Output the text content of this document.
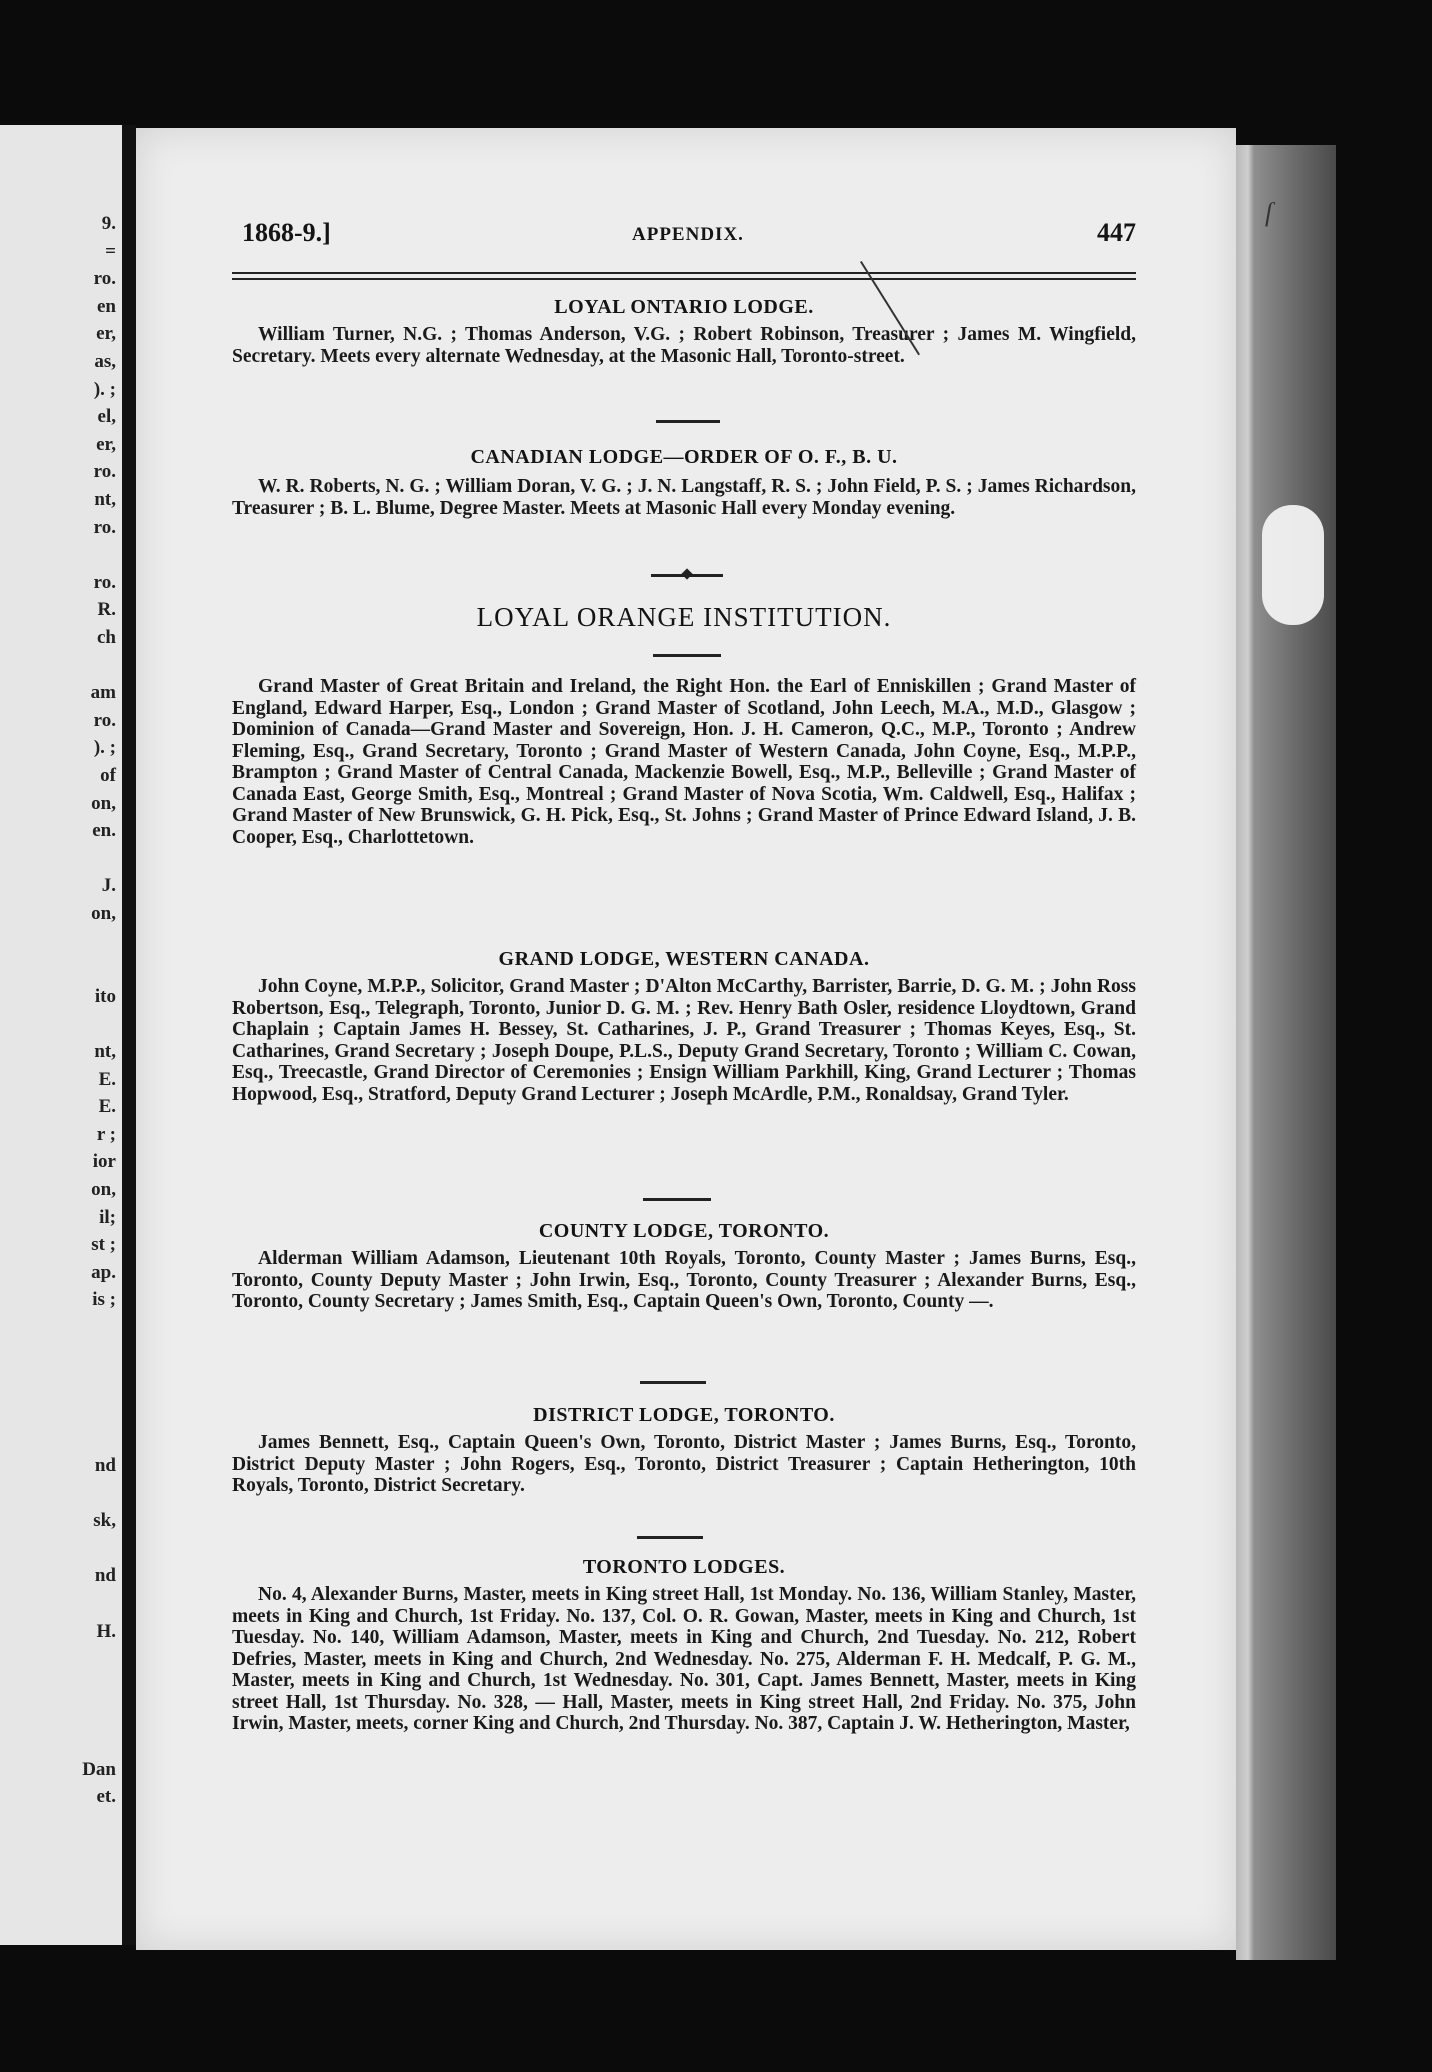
9.
=
ro.
en
er,
as,
). ;
el,
er,
ro.
nt,
ro.
ro.
R.
ch
am
ro.
). ;
of
on,
en.
J.
on,
ito
nt,
E.
E.
r ;
ior
on,
il;
st ;
ap.
is ;
nd
sk,
nd
H.
Dan
et.
1868-9.]	APPENDIX.	447
LOYAL ONTARIO LODGE.
William Turner, N.G. ; Thomas Anderson, V.G. ; Robert Robinson, Treasurer ; James M. Wingfield, Secretary. Meets every alternate Wednesday, at the Masonic Hall, Toronto-street.
CANADIAN LODGE—ORDER OF O. F., B. U.
W. R. Roberts, N. G. ; William Doran, V. G. ; J. N. Langstaff, R. S. ; John Field, P. S. ; James Richardson, Treasurer ; B. L. Blume, Degree Master. Meets at Masonic Hall every Monday evening.
LOYAL ORANGE INSTITUTION.
Grand Master of Great Britain and Ireland, the Right Hon. the Earl of Enniskillen ; Grand Master of England, Edward Harper, Esq., London ; Grand Master of Scotland, John Leech, M.A., M.D., Glasgow ; Dominion of Canada—Grand Master and Sovereign, Hon. J. H. Cameron, Q.C., M.P., Toronto ; Andrew Fleming, Esq., Grand Secretary, Toronto ; Grand Master of Western Canada, John Coyne, Esq., M.P.P., Brampton ; Grand Master of Central Canada, Mackenzie Bowell, Esq., M.P., Belleville ; Grand Master of Canada East, George Smith, Esq., Montreal ; Grand Master of Nova Scotia, Wm. Caldwell, Esq., Halifax ; Grand Master of New Brunswick, G. H. Pick, Esq., St. Johns ; Grand Master of Prince Edward Island, J. B. Cooper, Esq., Charlottetown.
GRAND LODGE, WESTERN CANADA.
John Coyne, M.P.P., Solicitor, Grand Master ; D'Alton McCarthy, Barrister, Barrie, D. G. M. ; John Ross Robertson, Esq., Telegraph, Toronto, Junior D. G. M. ; Rev. Henry Bath Osler, residence Lloydtown, Grand Chaplain ; Captain James H. Bessey, St. Catharines, J. P., Grand Treasurer ; Thomas Keyes, Esq., St. Catharines, Grand Secretary ; Joseph Doupe, P.L.S., Deputy Grand Secretary, Toronto ; William C. Cowan, Esq., Treecastle, Grand Director of Ceremonies ; Ensign William Parkhill, King, Grand Lecturer ; Thomas Hopwood, Esq., Stratford, Deputy Grand Lecturer ; Joseph McArdle, P.M., Ronaldsay, Grand Tyler.
COUNTY LODGE, TORONTO.
Alderman William Adamson, Lieutenant 10th Royals, Toronto, County Master ; James Burns, Esq., Toronto, County Deputy Master ; John Irwin, Esq., Toronto, County Treasurer ; Alexander Burns, Esq., Toronto, County Secretary ; James Smith, Esq., Captain Queen's Own, Toronto, County ––.
DISTRICT LODGE, TORONTO.
James Bennett, Esq., Captain Queen's Own, Toronto, District Master ; James Burns, Esq., Toronto, District Deputy Master ; John Rogers, Esq., Toronto, District Treasurer ; Captain Hetherington, 10th Royals, Toronto, District Secretary.
TORONTO LODGES.
No. 4, Alexander Burns, Master, meets in King street Hall, 1st Monday. No. 136, William Stanley, Master, meets in King and Church, 1st Friday. No. 137, Col. O. R. Gowan, Master, meets in King and Church, 1st Tuesday. No. 140, William Adamson, Master, meets in King and Church, 2nd Tuesday. No. 212, Robert Defries, Master, meets in King and Church, 2nd Wednesday. No. 275, Alderman F. H. Medcalf, P. G. M., Master, meets in King and Church, 1st Wednesday. No. 301, Capt. James Bennett, Master, meets in King street Hall, 1st Thursday. No. 328, — Hall, Master, meets in King street Hall, 2nd Friday. No. 375, John Irwin, Master, meets, corner King and Church, 2nd Thursday. No. 387, Captain J. W. Hetherington, Master,
ſ
